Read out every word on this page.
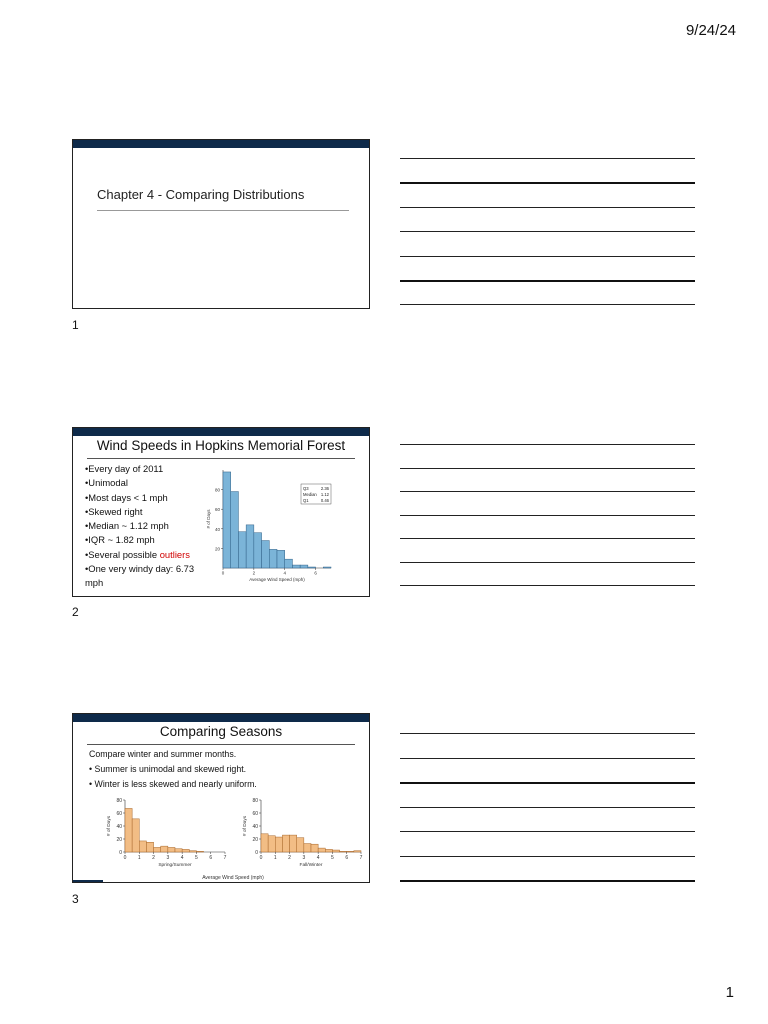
9/24/24
Chapter 4 - Comparing Distributions
1
Wind Speeds in Hopkins Memorial Forest
• Every day of 2011
• Unimodal
• Most days < 1 mph
• Skewed right
• Median ~ 1.12 mph
• IQR ~ 1.82 mph
• Several possible outliers
• One very windy day: 6.73 mph
20
40
60
80
0	2	4	6
# of Days
Average Wind Speed (mph)
Q3	2.36
Median 1.12
Q1	0.46
2
Comparing Seasons
Compare winter and summer months.
• Summer is unimodal and skewed right.
• Winter is less skewed and nearly uniform.
0
20
40
60
80
0 1 2 3 4 5 6 7
# of Days
Spring/Summer
0
20
40
60
80
0 1 2 3 4 5 6 7
# of Days
Fall/Winter
Average Wind Speed (mph)
3
1
